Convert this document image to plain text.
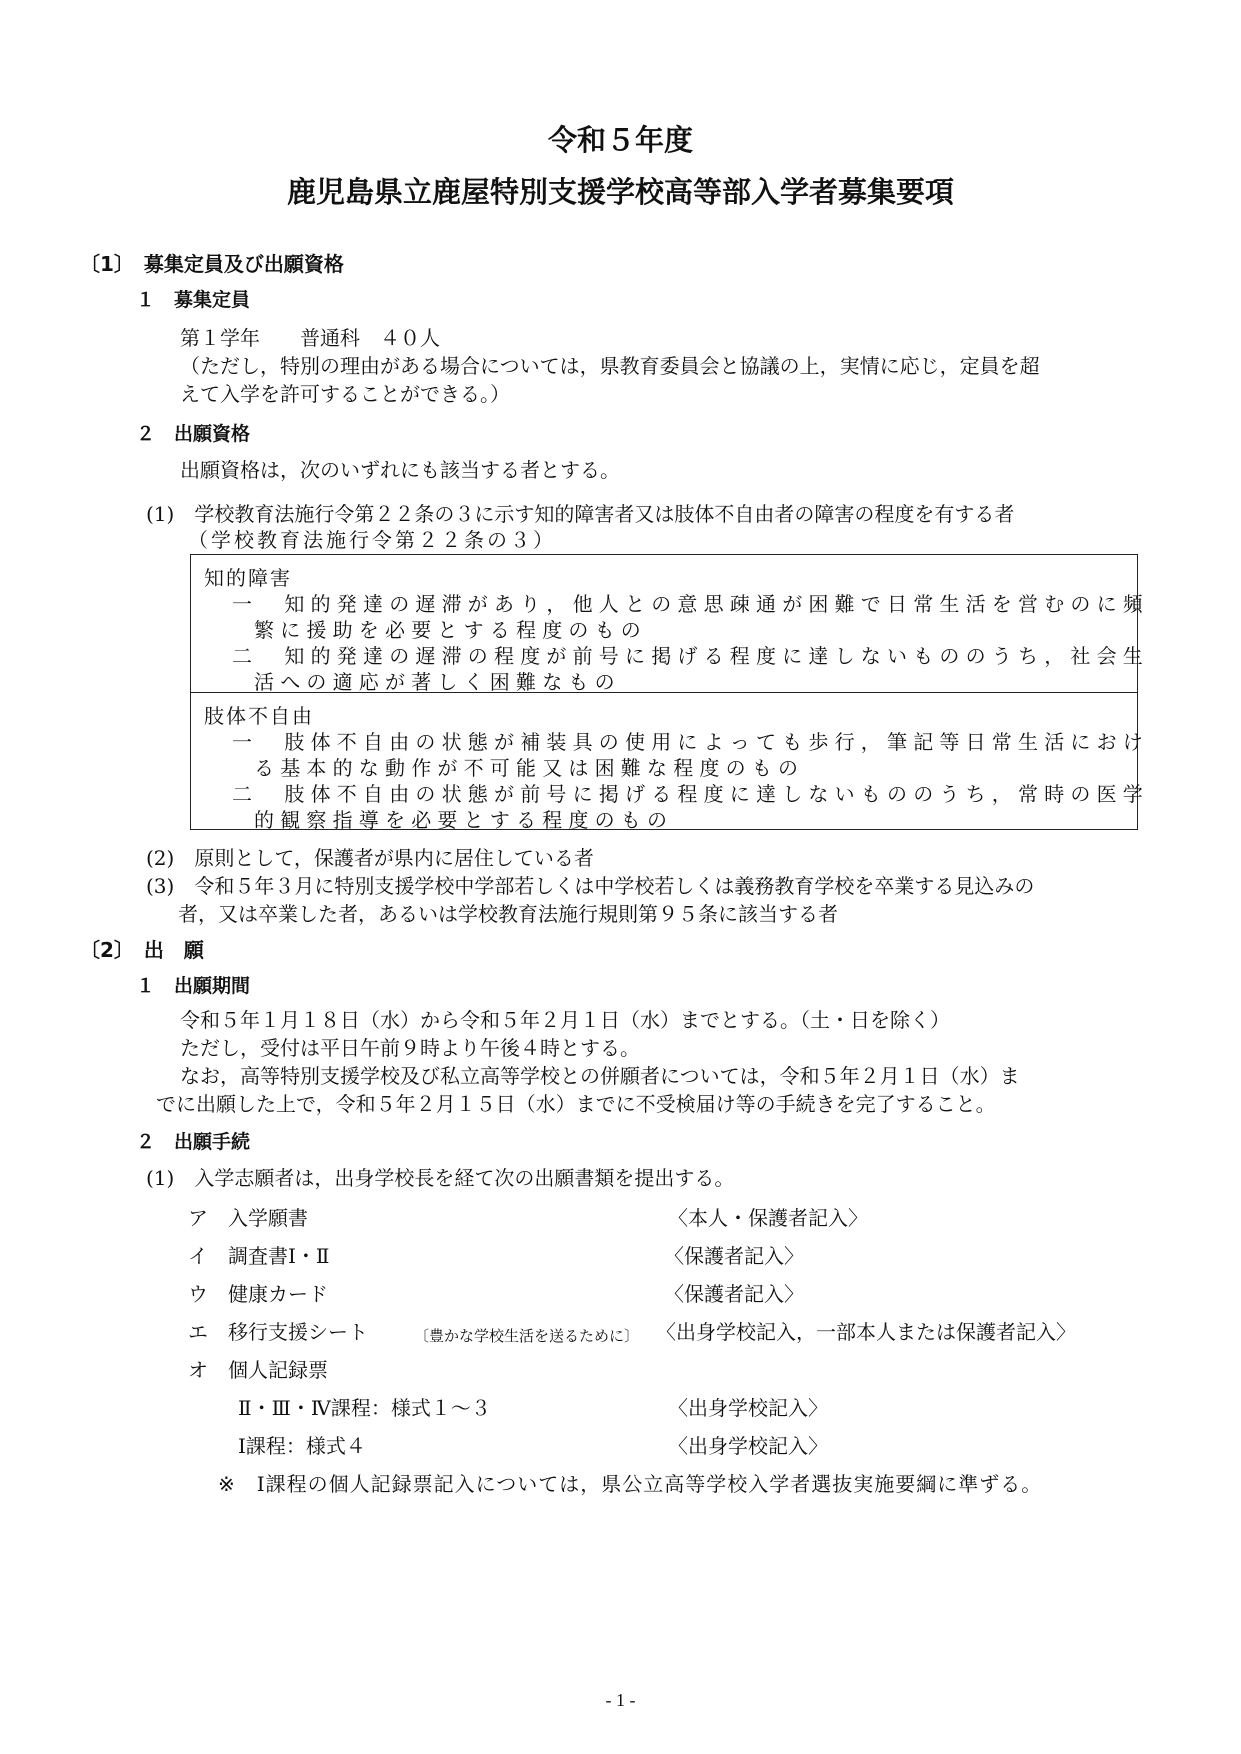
令和５年度
鹿児島県立鹿屋特別支援学校高等部入学者募集要項
〔1〕　募集定員及び出願資格
１　募集定員
第１学年　　普通科　４０人
（ただし，特別の理由がある場合については，県教育委員会と協議の上，実情に応じ，定員を超
えて入学を許可することができる。）
２　出願資格
出願資格は，次のいずれにも該当する者とする。
(1)　学校教育法施行令第２２条の３に示す知的障害者又は肢体不自由者の障害の程度を有する者
（学校教育法施行令第２２条の３）
知的障害
一　知的発達の遅滞があり，他人との意思疎通が困難で日常生活を営むのに頻
繁に援助を必要とする程度のもの
二　知的発達の遅滞の程度が前号に掲げる程度に達しないもののうち，社会生
活への適応が著しく困難なもの
肢体不自由
一　肢体不自由の状態が補装具の使用によっても歩行，筆記等日常生活におけ
る基本的な動作が不可能又は困難な程度のもの
二　肢体不自由の状態が前号に掲げる程度に達しないもののうち，常時の医学
的観察指導を必要とする程度のもの
(2)　原則として，保護者が県内に居住している者
(3)　令和５年３月に特別支援学校中学部若しくは中学校若しくは義務教育学校を卒業する見込みの
者，又は卒業した者，あるいは学校教育法施行規則第９５条に該当する者
〔2〕　出　願
１　出願期間
令和５年１月１８日（水）から令和５年２月１日（水）までとする。（土・日を除く）
ただし，受付は平日午前９時より午後４時とする。
なお，高等特別支援学校及び私立高等学校との併願者については，令和５年２月１日（水）ま
でに出願した上で，令和５年２月１５日（水）までに不受検届け等の手続きを完了すること。
２　出願手続
(1)　入学志願者は，出身学校長を経て次の出願書類を提出する。
ア　入学願書	〈本人・保護者記入〉
イ　調査書Ⅰ・Ⅱ	〈保護者記入〉
ウ　健康カード	〈保護者記入〉
エ　移行支援シート	〔豊かな学校生活を送るために〕 〈出身学校記入，一部本人または保護者記入〉
オ　個人記録票
Ⅱ・Ⅲ・Ⅳ課程：様式１～３	〈出身学校記入〉
Ⅰ課程：様式４	〈出身学校記入〉
※　Ⅰ課程の個人記録票記入については，県公立高等学校入学者選抜実施要綱に準ずる。
- 1 -
